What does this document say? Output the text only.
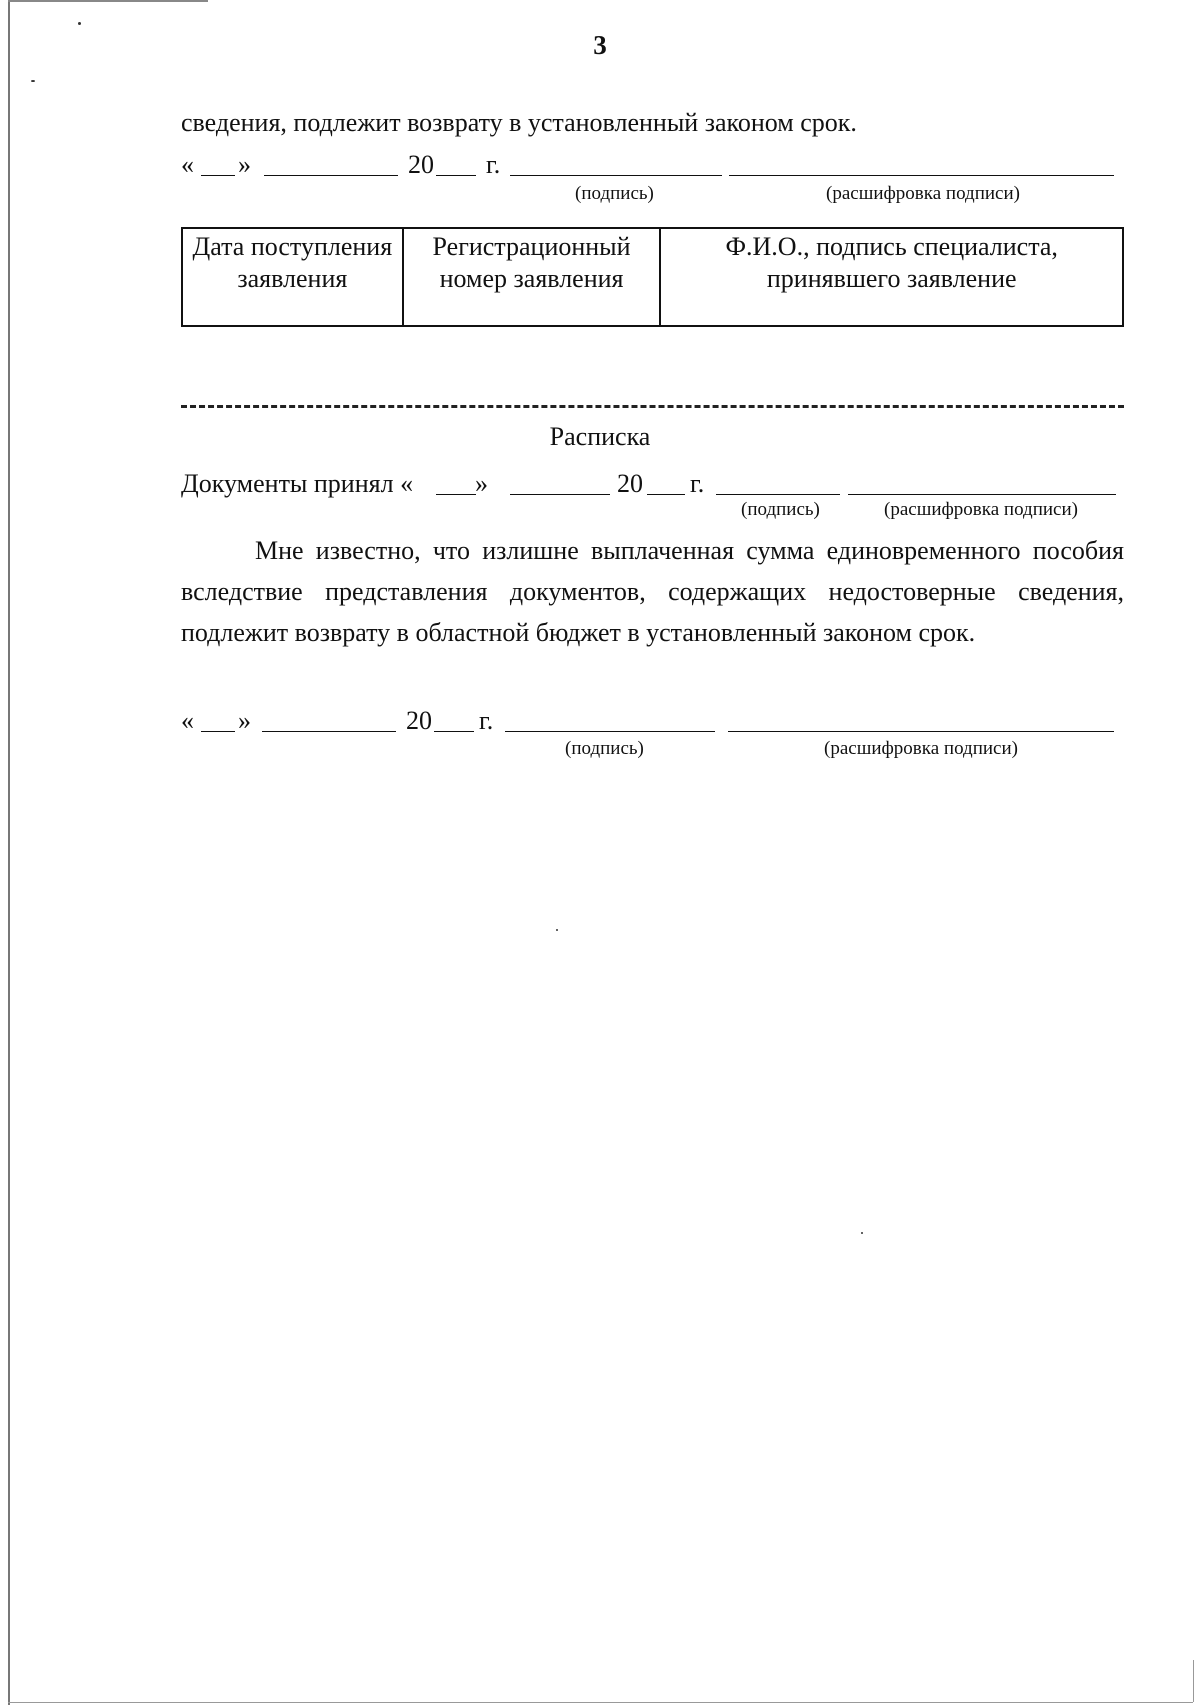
3
сведения, подлежит возврату в установленный законом срок.
« »	20 г.
(подпись)	(расшифровка подписи)
Дата поступления заявления	Регистрационный номер заявления	Ф.И.О., подпись специалиста, принявшего заявление
Расписка
Документы принял « »	20 г.
(подпись)	(расшифровка подписи)
Мне известно, что излишне выплаченная сумма единовременного пособия вследствие представления документов, содержащих недостоверные сведения, подлежит возврату в областной бюджет в установленный законом срок.
« »	20 г.
(подпись)	(расшифровка подписи)
